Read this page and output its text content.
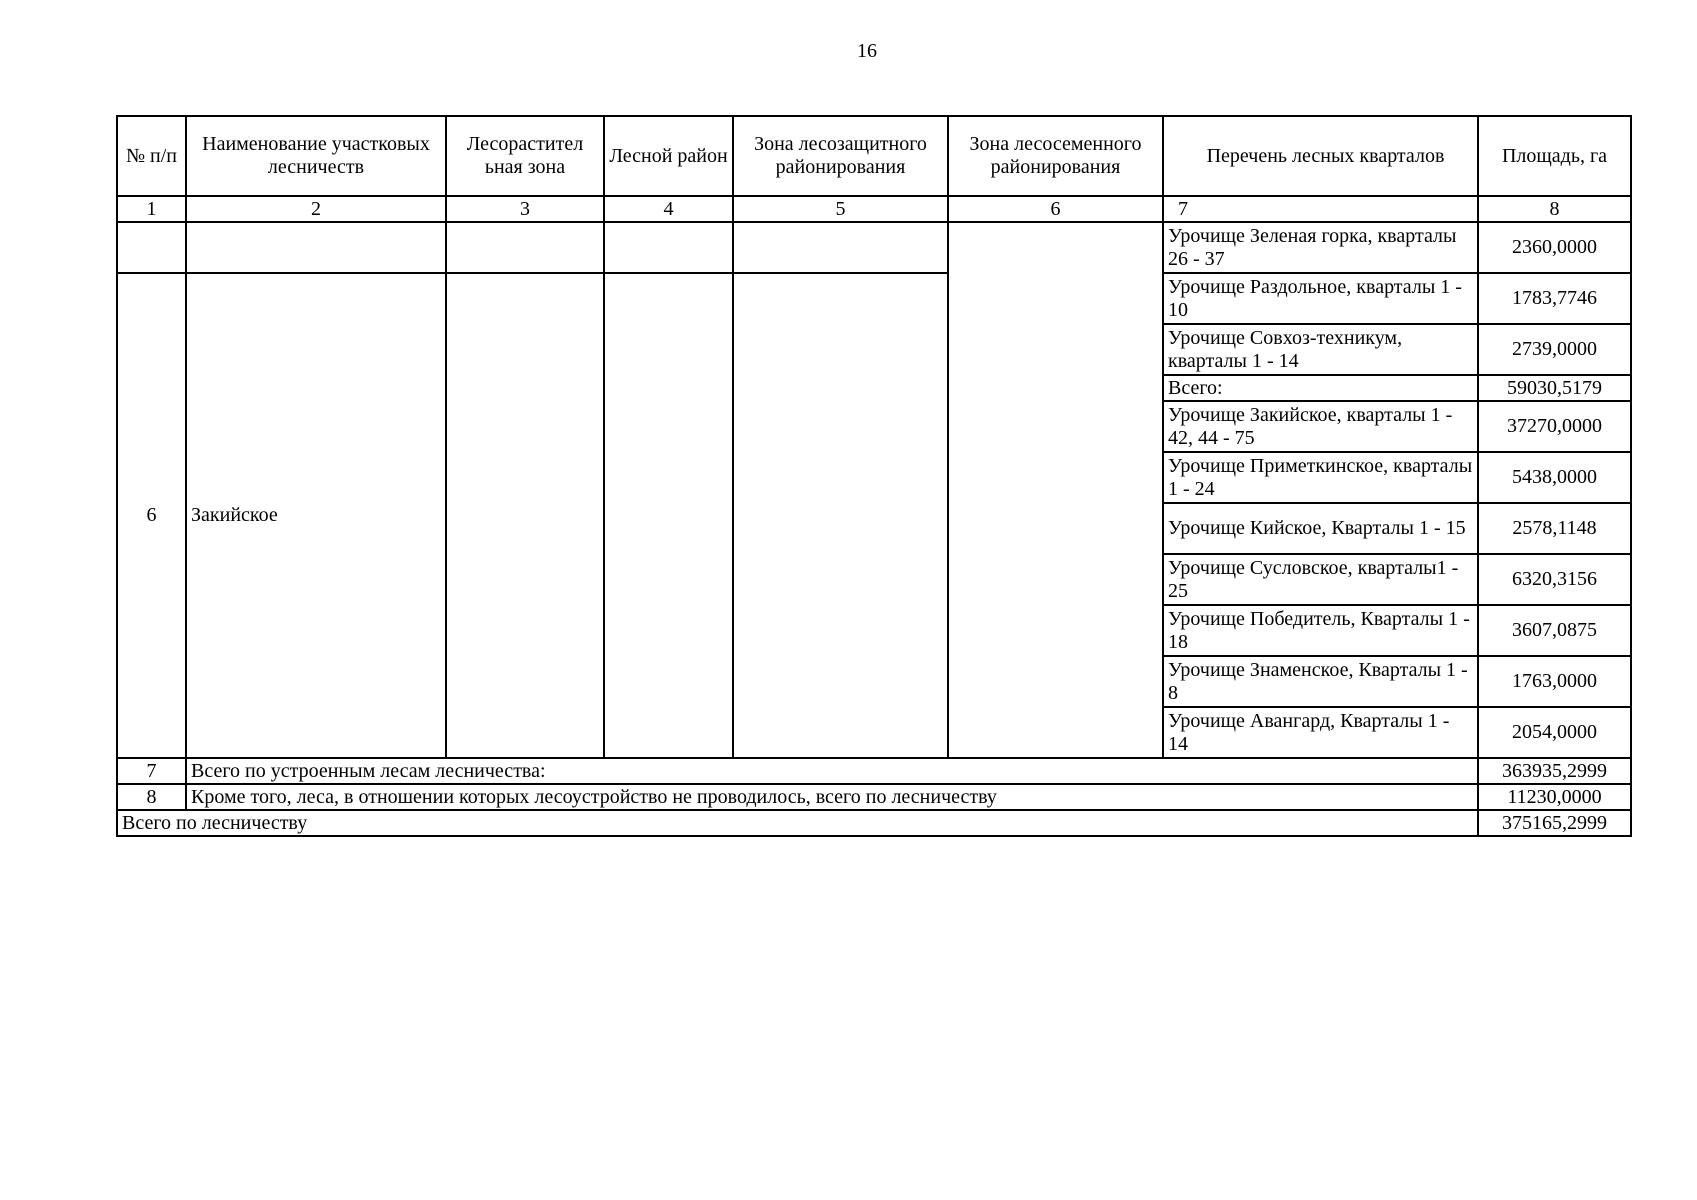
16
№ п/п	Наименование участковых лесничеств	Лесорастител ьная зона	Лесной район	Зона лесозащитного районирования	Зона лесосеменного районирования	Перечень лесных кварталов	Площадь, га
1	2	3	4	5	6	7	8
						Урочище Зеленая горка, кварталы 26 - 37	2360,0000
6	Закийское					Урочище Раздольное, кварталы 1 - 10	1783,7746
						Урочище Совхоз-техникум, кварталы 1 - 14	2739,0000
						Всего:	59030,5179
						Урочище Закийское, кварталы 1 - 42, 44 - 75	37270,0000
						Урочище Приметкинское, кварталы 1 - 24	5438,0000
						Урочище Кийское, Кварталы 1 - 15	2578,1148
						Урочище Сусловское, кварталы1 - 25	6320,3156
						Урочище Победитель, Кварталы 1 - 18	3607,0875
						Урочище Знаменское, Кварталы 1 - 8	1763,0000
						Урочище Авангард, Кварталы 1 - 14	2054,0000
7	Всего по устроенным лесам лесничества:						363935,2999
8	Кроме того, леса, в отношении которых лесоустройство не проводилось, всего по лесничеству						11230,0000
Всего по лесничеству							375165,2999
